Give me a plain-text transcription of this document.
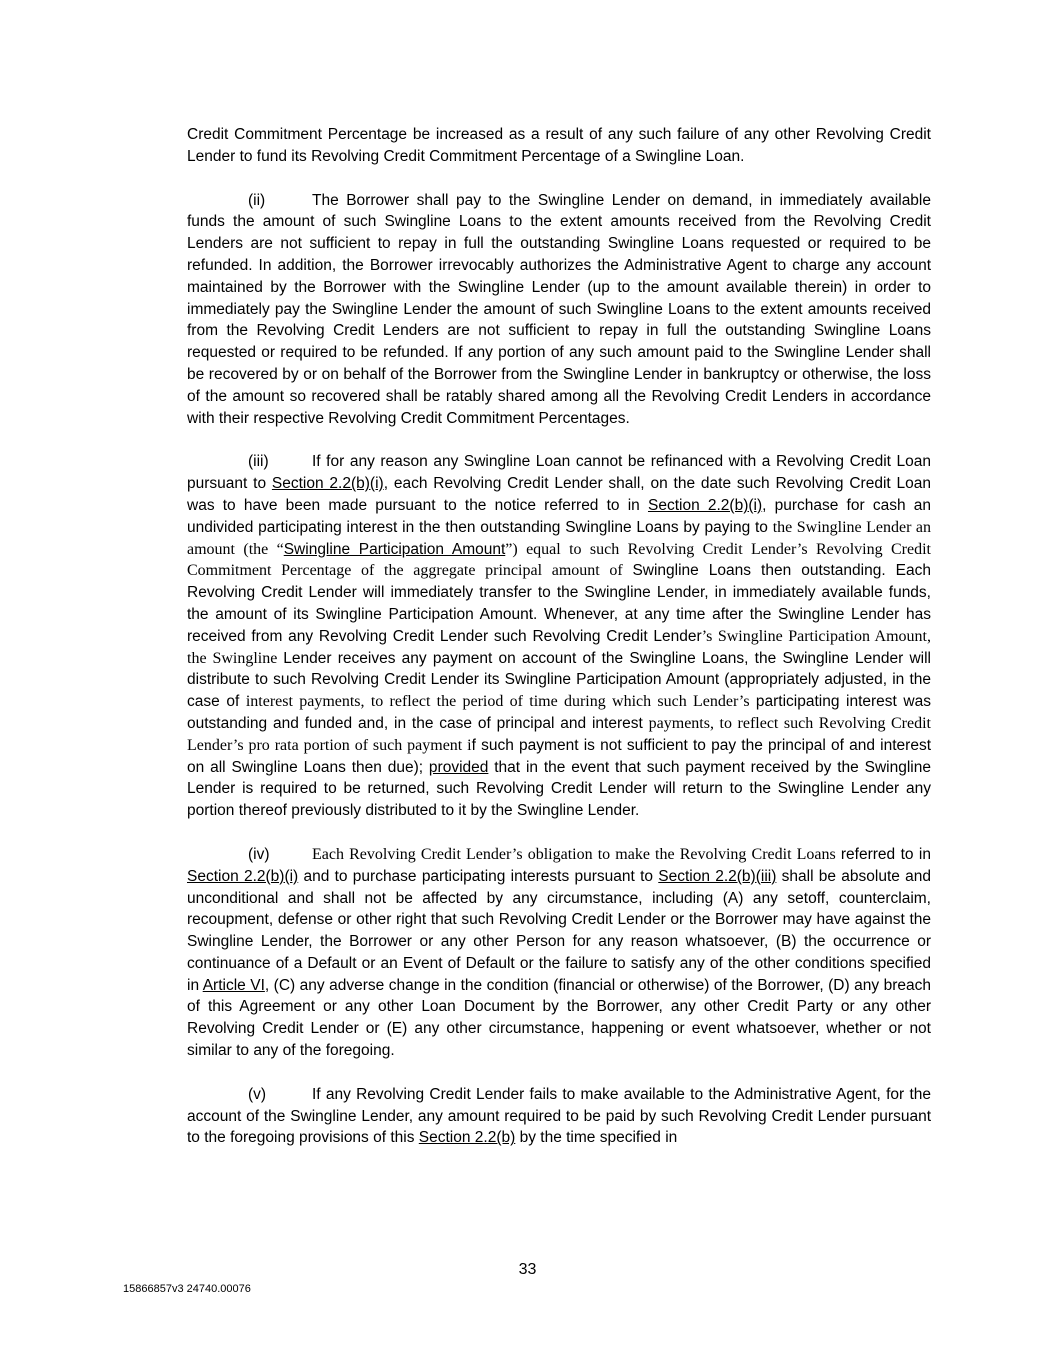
Credit Commitment Percentage be increased as a result of any such failure of any other Revolving Credit Lender to fund its Revolving Credit Commitment Percentage of a Swingline Loan.

(ii)	The Borrower shall pay to the Swingline Lender on demand, in immediately available funds the amount of such Swingline Loans to the extent amounts received from the Revolving Credit Lenders are not sufficient to repay in full the outstanding Swingline Loans requested or required to be refunded. In addition, the Borrower irrevocably authorizes the Administrative Agent to charge any account maintained by the Borrower with the Swingline Lender (up to the amount available therein) in order to immediately pay the Swingline Lender the amount of such Swingline Loans to the extent amounts received from the Revolving Credit Lenders are not sufficient to repay in full the outstanding Swingline Loans requested or required to be refunded. If any portion of any such amount paid to the Swingline Lender shall be recovered by or on behalf of the Borrower from the Swingline Lender in bankruptcy or otherwise, the loss of the amount so recovered shall be ratably shared among all the Revolving Credit Lenders in accordance with their respective Revolving Credit Commitment Percentages.

(iii)	If for any reason any Swingline Loan cannot be refinanced with a Revolving Credit Loan pursuant to Section 2.2(b)(i), each Revolving Credit Lender shall, on the date such Revolving Credit Loan was to have been made pursuant to the notice referred to in Section 2.2(b)(i), purchase for cash an undivided participating interest in the then outstanding Swingline Loans by paying to the Swingline Lender an amount (the “Swingline Participation Amount”) equal to such Revolving Credit Lender’s Revolving Credit Commitment Percentage of the aggregate principal amount of Swingline Loans then outstanding. Each Revolving Credit Lender will immediately transfer to the Swingline Lender, in immediately available funds, the amount of its Swingline Participation Amount. Whenever, at any time after the Swingline Lender has received from any Revolving Credit Lender such Revolving Credit Lender’s Swingline Participation Amount, the Swingline Lender receives any payment on account of the Swingline Loans, the Swingline Lender will distribute to such Revolving Credit Lender its Swingline Participation Amount (appropriately adjusted, in the case of interest payments, to reflect the period of time during which such Lender’s participating interest was outstanding and funded and, in the case of principal and interest payments, to reflect such Revolving Credit Lender’s pro rata portion of such payment if such payment is not sufficient to pay the principal of and interest on all Swingline Loans then due); provided that in the event that such payment received by the Swingline Lender is required to be returned, such Revolving Credit Lender will return to the Swingline Lender any portion thereof previously distributed to it by the Swingline Lender.

(iv)	Each Revolving Credit Lender’s obligation to make the Revolving Credit Loans referred to in Section 2.2(b)(i) and to purchase participating interests pursuant to Section 2.2(b)(iii) shall be absolute and unconditional and shall not be affected by any circumstance, including (A) any setoff, counterclaim, recoupment, defense or other right that such Revolving Credit Lender or the Borrower may have against the Swingline Lender, the Borrower or any other Person for any reason whatsoever, (B) the occurrence or continuance of a Default or an Event of Default or the failure to satisfy any of the other conditions specified in Article VI, (C) any adverse change in the condition (financial or otherwise) of the Borrower, (D) any breach of this Agreement or any other Loan Document by the Borrower, any other Credit Party or any other Revolving Credit Lender or (E) any other circumstance, happening or event whatsoever, whether or not similar to any of the foregoing.

(v)	If any Revolving Credit Lender fails to make available to the Administrative Agent, for the account of the Swingline Lender, any amount required to be paid by such Revolving Credit Lender pursuant to the foregoing provisions of this Section 2.2(b) by the time specified in

33
15866857v3 24740.00076
